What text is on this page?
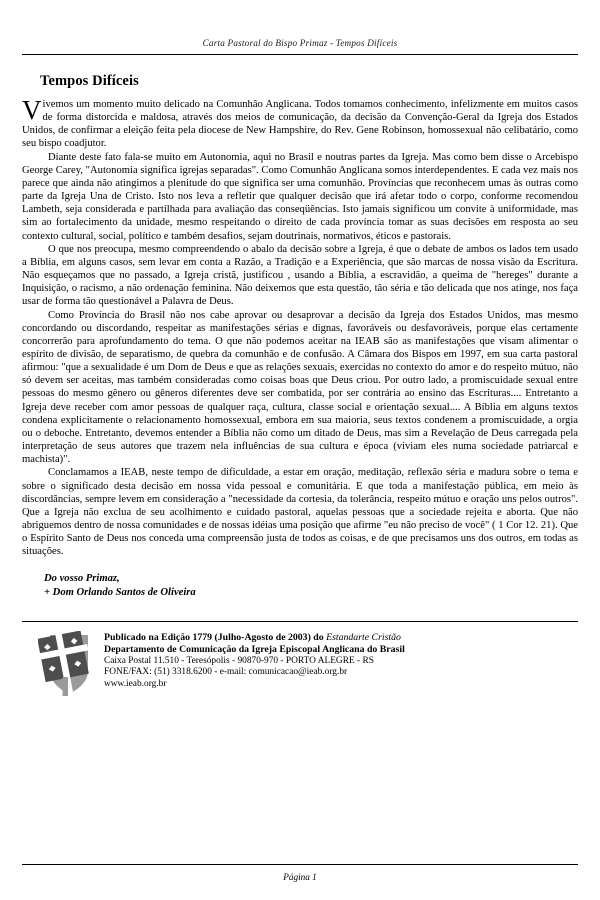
Carta Pastoral do Bispo Primaz - Tempos Difíceis
Tempos Difíceis

Vivemos um momento muito delicado na Comunhão Anglicana. Todos tomamos conhecimento, infelizmente em muitos casos de forma distorcida e maldosa, através dos meios de comunicação, da decisão da Convenção-Geral da Igreja dos Estados Unidos, de confirmar a eleição feita pela diocese de New Hampshire, do Rev. Gene Robinson, homossexual não celibatário, como seu bispo coadjutor.

Diante deste fato fala-se muito em Autonomia, aqui no Brasil e noutras partes da Igreja. Mas como bem disse o Arcebispo George Carey, "Autonomia significa igrejas separadas". Como Comunhão Anglicana somos interdependentes. E cada vez mais nos parece que ainda não atingimos a plenitude do que significa ser uma comunhão. Províncias que reconhecem umas às outras como parte da Igreja Una de Cristo. Isto nos leva a refletir que qualquer decisão que irá afetar todo o corpo, conforme recomendou Lambeth, seja considerada e partilhada para avaliação das conseqüências. Isto jamais significou um convite à uniformidade, mas sim ao fortalecimento da unidade, mesmo respeitando o direito de cada província tomar as suas decisões em resposta ao seu contexto cultural, social, político e também desafios, sejam doutrinais, normativos, éticos e pastorais.

O que nos preocupa, mesmo compreendendo o abalo da decisão sobre a Igreja, é que o debate de ambos os lados tem usado a Bíblia, em alguns casos, sem levar em conta a Razão, a Tradição e a Experiência, que são marcas de nossa visão da Escritura. Não esqueçamos que no passado, a Igreja cristã, justificou , usando a Bíblia, a escravidão, a queima de "hereges" durante a Inquisição, o racismo, a não ordenação feminina. Não deixemos que esta questão, tão séria e tão delicada que nos atinge, nos faça usar de forma tão questionável a Palavra de Deus.

Como Província do Brasil não nos cabe aprovar ou desaprovar a decisão da Igreja dos Estados Unidos, mas mesmo concordando ou discordando, respeitar as manifestações sérias e dignas, favoráveis ou desfavoráveis, porque elas certamente concorrerão para aprofundamento do tema. O que não podemos aceitar na IEAB são as manifestações que visam alimentar o espírito de divisão, de separatismo, de quebra da comunhão e de confusão. A Câmara dos Bispos em 1997, em sua carta pastoral afirmou: "que a sexualidade é um Dom de Deus e que as relações sexuais, exercidas no contexto do amor e do respeito mútuo, não só devem ser aceitas, mas também consideradas como coisas boas que Deus criou. Por outro lado, a promiscuidade sexual entre pessoas do mesmo gênero ou gêneros diferentes deve ser combatida, por ser contrária ao ensino das Escrituras.... Entretanto a Igreja deve receber com amor pessoas de qualquer raça, cultura, classe social e orientação sexual.... A Bíblia em alguns textos condena explicitamente o relacionamento homossexual, embora em sua maioria, seus textos condenem a promiscuidade, a orgia ou o deboche. Entretanto, devemos entender a Bíblia não como um ditado de Deus, mas sim a Revelação de Deus carregada pela interpretação de seus autores que trazem nela influências de sua cultura e época (viviam eles numa sociedade patriarcal e machista)".

Conclamamos a IEAB, neste tempo de dificuldade, a estar em oração, meditação, reflexão séria e madura sobre o tema e sobre o significado desta decisão em nossa vida pessoal e comunitária. E que toda a manifestação pública, em meio às discordâncias, sempre levem em consideração a "necessidade da cortesia, da tolerância, respeito mútuo e oração uns pelos outros". Que a Igreja não exclua de seu acolhimento e cuidado pastoral, aquelas pessoas que a sociedade rejeita e aborta. Que não abriguemos dentro de nossa comunidades e de nossas idéias uma posição que afirme "eu não preciso de você" ( 1 Cor 12. 21). Que o Espírito Santo de Deus nos conceda uma compreensão justa de todos as coisas, e de que precisamos uns dos outros, em todas as situações.

Do vosso Primaz,
+ Dom Orlando Santos de Oliveira
Publicado na Edição 1779 (Julho-Agosto de 2003) do Estandarte Cristão
Departamento de Comunicação da Igreja Episcopal Anglicana do Brasil
Caixa Postal 11.510 - Teresópolis - 90870-970 - PORTO ALEGRE - RS
FONE/FAX: (51) 3318.6200 - e-mail: comunicacao@ieab.org.br
www.ieab.org.br
Página 1
